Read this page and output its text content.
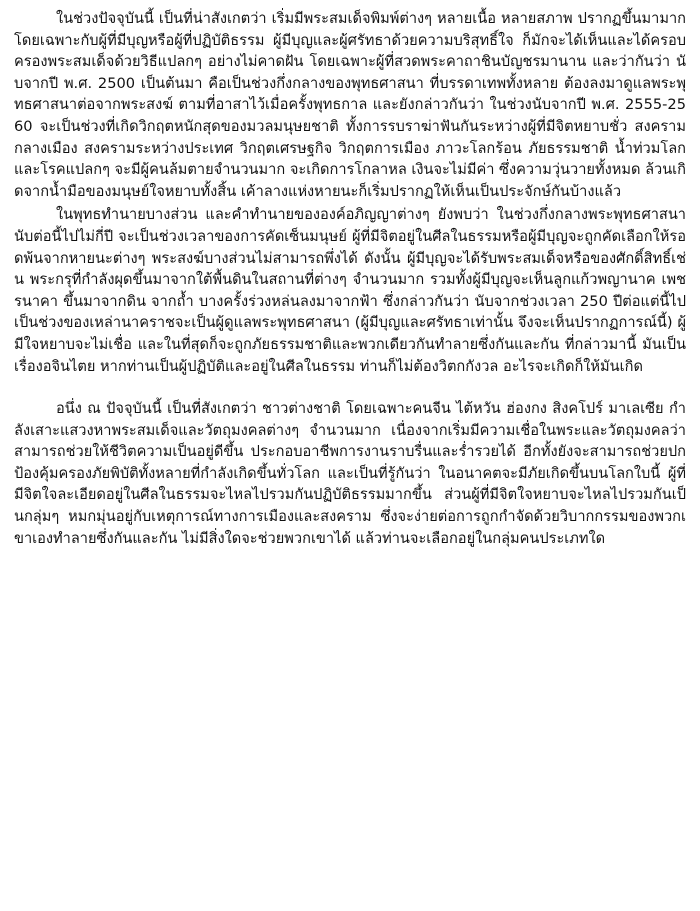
ในช่วงปัจจุบันนี้ เป็นที่น่าสังเกตว่า เริ่มมีพระสมเด็จพิมพ์ต่างๆ หลายเนื้อ หลายสภาพ ปรากฏขึ้นมามาก โดยเฉพาะกับผู้ที่มีบุญหรือผู้ที่ปฏิบัติธรรม ผู้มีบุญและผู้ศรัทธาด้วยความบริสุทธิ์ใจ ก็มักจะได้เห็นและได้ครอบครองพระสมเด็จด้วยวิธีแปลกๆ อย่างไม่คาดฝัน โดยเฉพาะผู้ที่สวดพระคาถาชินบัญชรมานาน และว่ากันว่า นับจากปี พ.ศ. 2500 เป็นต้นมา คือเป็นช่วงกึ่งกลางของพุทธศาสนา ที่บรรดาเทพทั้งหลาย ต้องลงมาดูแลพระพุทธศาสนาต่อจากพระสงฆ์ ตามที่อาสาไว้เมื่อครั้งพุทธกาล และยังกล่าวกันว่า ในช่วงนับจากปี พ.ศ. 2555-2560 จะเป็นช่วงที่เกิดวิกฤตหนักสุดของมวลมนุษยชาติ ทั้งการรบราฆ่าฟันกันระหว่างผู้ที่มีจิตหยาบชั่ว สงครามกลางเมือง สงครามระหว่างประเทศ วิกฤตเศรษฐกิจ วิกฤตการเมือง ภาวะโลกร้อน ภัยธรรมชาติ น้ำท่วมโลก และโรคแปลกๆ จะมีผู้คนล้มตายจำนวนมาก จะเกิดการโกลาหล เงินจะไม่มีค่า ซึ่งความวุ่นวายทั้งหมด ล้วนเกิดจากน้ำมือของมนุษย์ใจหยาบทั้งสิ้น เค้าลางแห่งหายนะก็เริ่มปรากฏให้เห็นเป็นประจักษ์กันบ้างแล้ว

ในพุทธทำนายบางส่วน และคำทำนายขององค์อภิญญาต่างๆ ยังพบว่า ในช่วงกึ่งกลางพระพุทธศาสนา นับต่อนี้ไปไม่กี่ปี จะเป็นช่วงเวลาของการคัดเซ็นมนุษย์ ผู้ที่มีจิตอยู่ในศีลในธรรมหรือผู้มีบุญจะถูกคัดเลือกให้รอดพ้นจากหายนะต่างๆ พระสงฆ์บางส่วนไม่สามารถพึ่งได้ ดังนั้น ผู้มีบุญจะได้รับพระสมเด็จหรือของศักดิ์สิทธิ์เช่น พระกรุที่กำลังผุดขึ้นมาจากใต้พื้นดินในสถานที่ต่างๆ จำนวนมาก รวมทั้งผู้มีบุญจะเห็นลูกแก้วพญานาค เพชรนาคา ขึ้นมาจากดิน จากถ้ำ บางครั้งร่วงหล่นลงมาจากฟ้า ซึ่งกล่าวกันว่า นับจากช่วงเวลา 250 ปีต่อแต่นี้ไป เป็นช่วงของเหล่านาคราชจะเป็นผู้ดูแลพระพุทธศาสนา (ผู้มีบุญและศรัทธาเท่านั้น จึงจะเห็นปรากฏการณ์นี้) ผู้มีใจหยาบจะไม่เชื่อ และในที่สุดก็จะถูกภัยธรรมชาติและพวกเดียวกันทำลายซึ่งกันและกัน ที่กล่าวมานี้ มันเป็นเรื่องอจินไตย หากท่านเป็นผู้ปฏิบัติและอยู่ในศีลในธรรม ท่านก็ไม่ต้องวิตกกังวล อะไรจะเกิดก็ให้มันเกิด

อนึ่ง ณ ปัจจุบันนี้ เป็นที่สังเกตว่า ชาวต่างชาติ โดยเฉพาะคนจีน ไต้หวัน ฮ่องกง สิงคโปร์ มาเลเซีย กำลังเสาะแสวงหาพระสมเด็จและวัตถุมงคลต่างๆ จำนวนมาก เนื่องจากเริ่มมีความเชื่อในพระและวัตถุมงคลว่า สามารถช่วยให้ชีวิตความเป็นอยู่ดีขึ้น ประกอบอาชีพการงานราบรื่นและร่ำรวยได้ อีกทั้งยังจะสามารถช่วยปกป้องคุ้มครองภัยพิบัติทั้งหลายที่กำลังเกิดขึ้นทั่วโลก และเป็นที่รู้กันว่า ในอนาคตจะมีภัยเกิดขึ้นบนโลกใบนี้ ผู้ที่มีจิตใจละเอียดอยู่ในศีลในธรรมจะไหลไปรวมกันปฏิบัติธรรมมากขึ้น ส่วนผู้ที่มีจิตใจหยาบจะไหลไปรวมกันเป็นกลุ่มๆ หมกมุ่นอยู่กับเหตุการณ์ทางการเมืองและสงคราม ซึ่งจะง่ายต่อการถูกกำจัดด้วยวิบากกรรมของพวกเขาเองทำลายซึ่งกันและกัน ไม่มีสิ่งใดจะช่วยพวกเขาได้ แล้วท่านจะเลือกอยู่ในกลุ่มคนประเภทใด
